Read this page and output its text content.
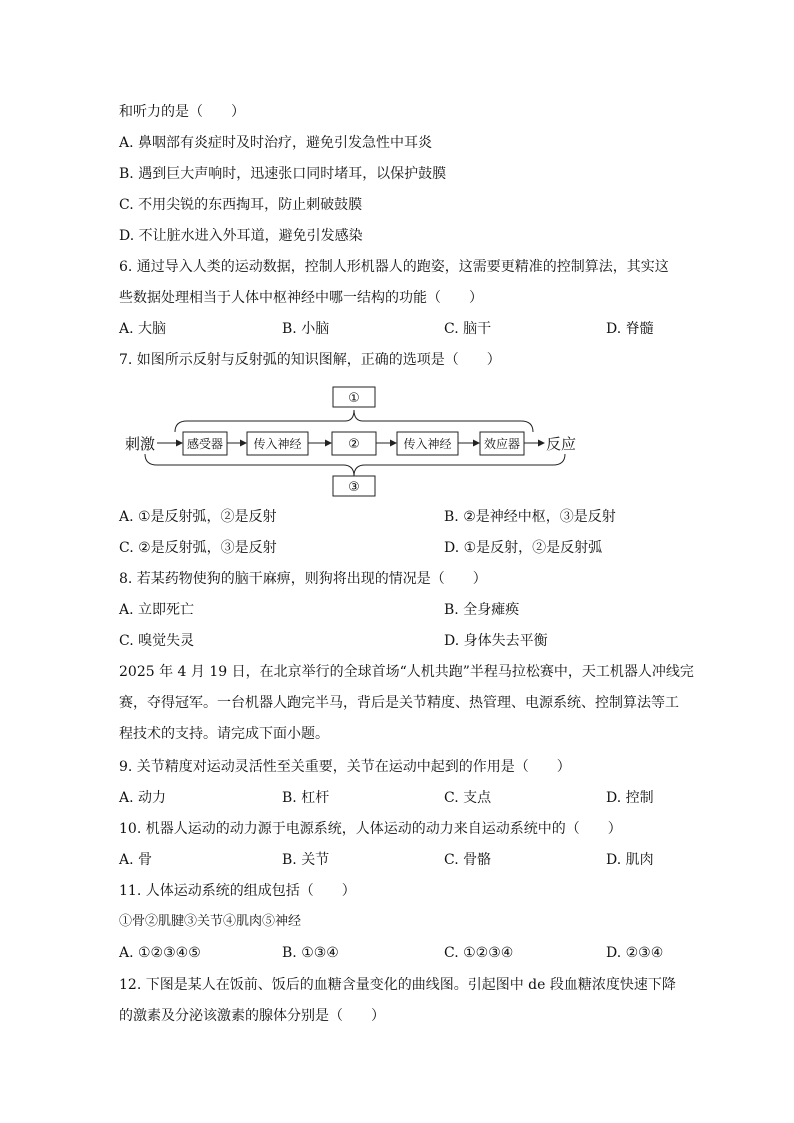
和听力的是（　　）
A. 鼻咽部有炎症时及时治疗，避免引发急性中耳炎
B. 遇到巨大声响时，迅速张口同时堵耳，以保护鼓膜
C. 不用尖锐的东西掏耳，防止刺破鼓膜
D. 不让脏水进入外耳道，避免引发感染
6. 通过导入人类的运动数据，控制人形机器人的跑姿，这需要更精准的控制算法，其实这
些数据处理相当于人体中枢神经中哪一结构的功能（　　）
A. 大脑	B. 小脑	C. 脑干	D. 脊髓
7. 如图所示反射与反射弧的知识图解，正确的选项是（　　）
①
③
刺激	反应
感受器	传入神经	②	传入神经	效应器
A. ①是反射弧，②是反射	B. ②是神经中枢，③是反射
C. ②是反射弧，③是反射	D. ①是反射，②是反射弧
8. 若某药物使狗的脑干麻痹，则狗将出现的情况是（　　）
A. 立即死亡	B. 全身瘫痪
C. 嗅觉失灵	D. 身体失去平衡
2025 年 4 月 19 日，在北京举行的全球首场“人机共跑”半程马拉松赛中，天工机器人冲线完
赛，夺得冠军。一台机器人跑完半马，背后是关节精度、热管理、电源系统、控制算法等工
程技术的支持。请完成下面小题。
9. 关节精度对运动灵活性至关重要，关节在运动中起到的作用是（　　）
A. 动力	B. 杠杆	C. 支点	D. 控制
10. 机器人运动的动力源于电源系统，人体运动的动力来自运动系统中的（　　）
A. 骨	B. 关节	C. 骨骼	D. 肌肉
11. 人体运动系统的组成包括（　　）
①骨②肌腱③关节④肌肉⑤神经
A. ①②③④⑤	B. ①③④	C. ①②③④	D. ②③④
12. 下图是某人在饭前、饭后的血糖含量变化的曲线图。引起图中 de 段血糖浓度快速下降
的激素及分泌该激素的腺体分别是（　　）
